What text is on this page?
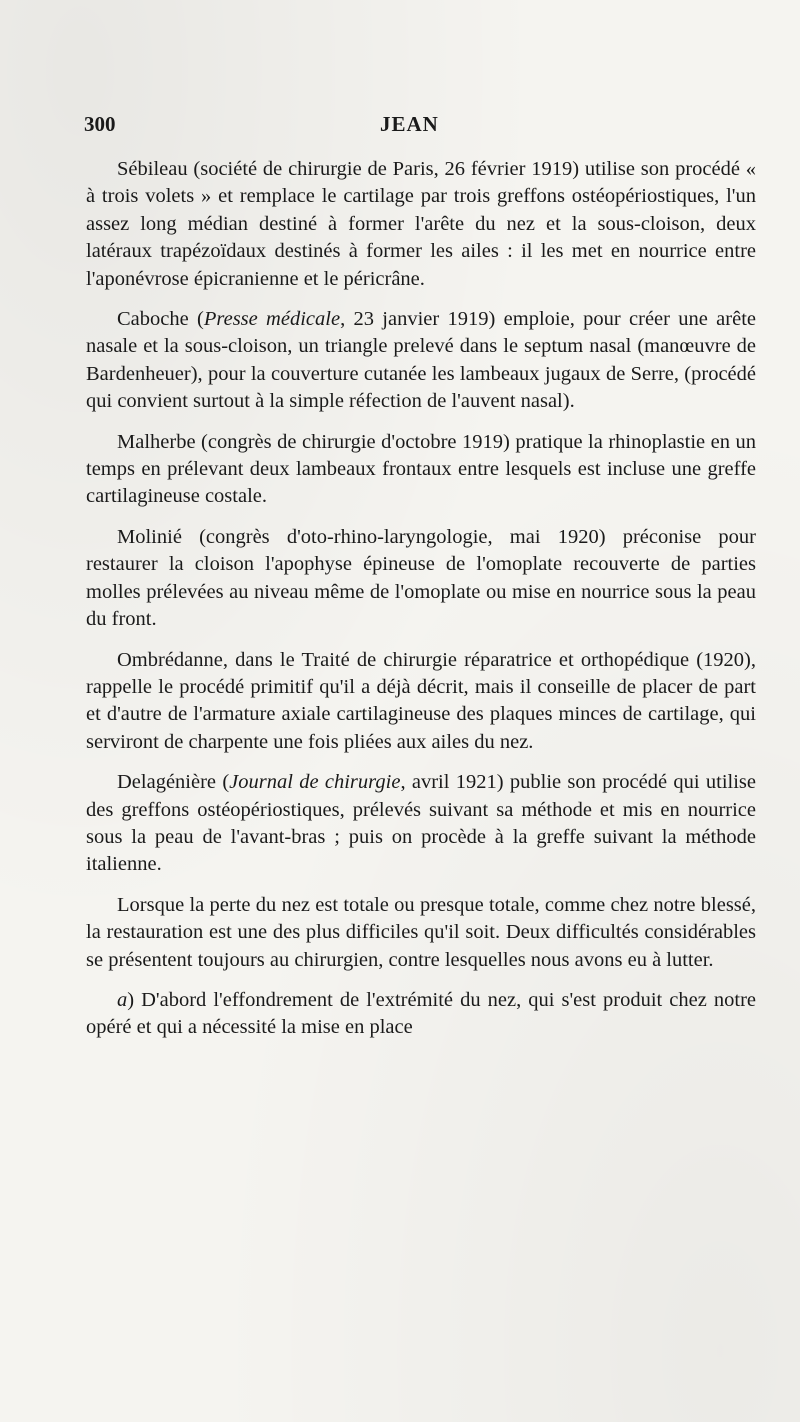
300	JEAN

Sébileau (société de chirurgie de Paris, 26 février 1919) utilise son procédé « à trois volets » et remplace le cartilage par trois greffons ostéopériostiques, l'un assez long médian destiné à former l'arête du nez et la sous-cloison, deux latéraux trapézoïdaux destinés à former les ailes : il les met en nourrice entre l'aponévrose épicranienne et le péricrâne.

Caboche (Presse médicale, 23 janvier 1919) emploie, pour créer une arête nasale et la sous-cloison, un triangle prelevé dans le septum nasal (manœuvre de Bardenheuer), pour la couverture cutanée les lambeaux jugaux de Serre, (procédé qui convient surtout à la simple réfection de l'auvent nasal).

Malherbe (congrès de chirurgie d'octobre 1919) pratique la rhinoplastie en un temps en prélevant deux lambeaux frontaux entre lesquels est incluse une greffe cartilagineuse costale.

Molinié (congrès d'oto-rhino-laryngologie, mai 1920) préconise pour restaurer la cloison l'apophyse épineuse de l'omoplate recouverte de parties molles prélevées au niveau même de l'omoplate ou mise en nourrice sous la peau du front.

Ombrédanne, dans le Traité de chirurgie réparatrice et orthopédique (1920), rappelle le procédé primitif qu'il a déjà décrit, mais il conseille de placer de part et d'autre de l'armature axiale cartilagineuse des plaques minces de cartilage, qui serviront de charpente une fois pliées aux ailes du nez.

Delagénière (Journal de chirurgie, avril 1921) publie son procédé qui utilise des greffons ostéopériostiques, prélevés suivant sa méthode et mis en nourrice sous la peau de l'avant-bras ; puis on procède à la greffe suivant la méthode italienne.

Lorsque la perte du nez est totale ou presque totale, comme chez notre blessé, la restauration est une des plus difficiles qu'il soit. Deux difficultés considérables se présentent toujours au chirurgien, contre lesquelles nous avons eu à lutter.

a) D'abord l'effondrement de l'extrémité du nez, qui s'est produit chez notre opéré et qui a nécessité la mise en place
